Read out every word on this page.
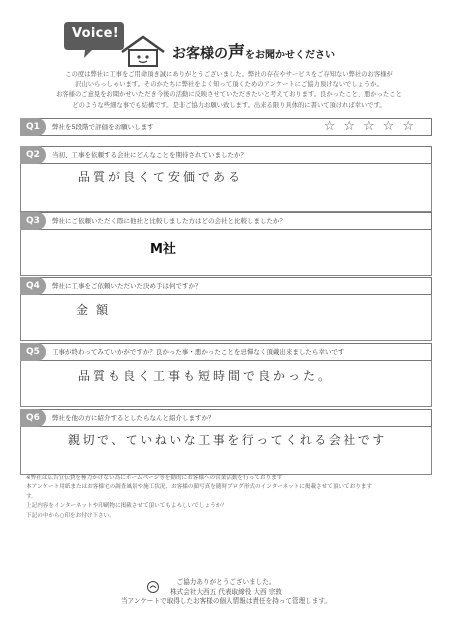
Voice!
お客様の声をお聞かせください

この度は弊社に工事をご用命頂き誠にありがとうございました。弊社の存在やサービスをご存知ない弊社のお客様が

沢山いらっしゃいます。そのかたちに弊社をよく知って頂くためのアンケートにご協力頂けないでしょうか。

お客様のご意見をお聞かせいただき今後の活動に反映させていただきたいと考えております。良かったこと、悪かったこと

どのような些細な事でも結構です。是非ご協力お願い致します。出来る限り具体的に書いて頂ければ幸いです。

Q1	弊社を5段階で評価をお願いします	☆☆☆☆☆
Q2	当初、工事を依頼する会社にどんなことを期待されていましたか？
品質が良くて安価である
Q3	弊社にご依頼いただく際に他社と比較しました方はどの会社と比較しましたか？
M社
Q4	弊社に工事をご依頼いただいた決め手は何ですか？
金額
Q5	工事が終わってみていかがですか？良かった事・悪かったことを忌憚なく頂戴出来ましたら幸いです
品質も良く工事も短時間で良かった。
Q6	弊社を他の方に紹介するとしたらなんと紹介しますか？
親切で、ていねいな工事を行ってくれる会社です

※弊社は広告宣伝費を極力かけない為にホームページ等を動的にお客様への営業活動を行っております

本アンケート用紙またはお客様宅の調査風景や施工状況、お客様の顔写真を随時ブログ形式のインターネットに掲載させて頂いております

す。

上記内容をインターネットや印刷物に掲載させて頂いてもよろしいでしょうか？

下記の中から○印をお付け下さい。

ご協力ありがとうございました。

株式会社大西五 代表取締役 大西 宗敦

当アンケートで取得したお客様の個人情報は責任を持って管理します。
